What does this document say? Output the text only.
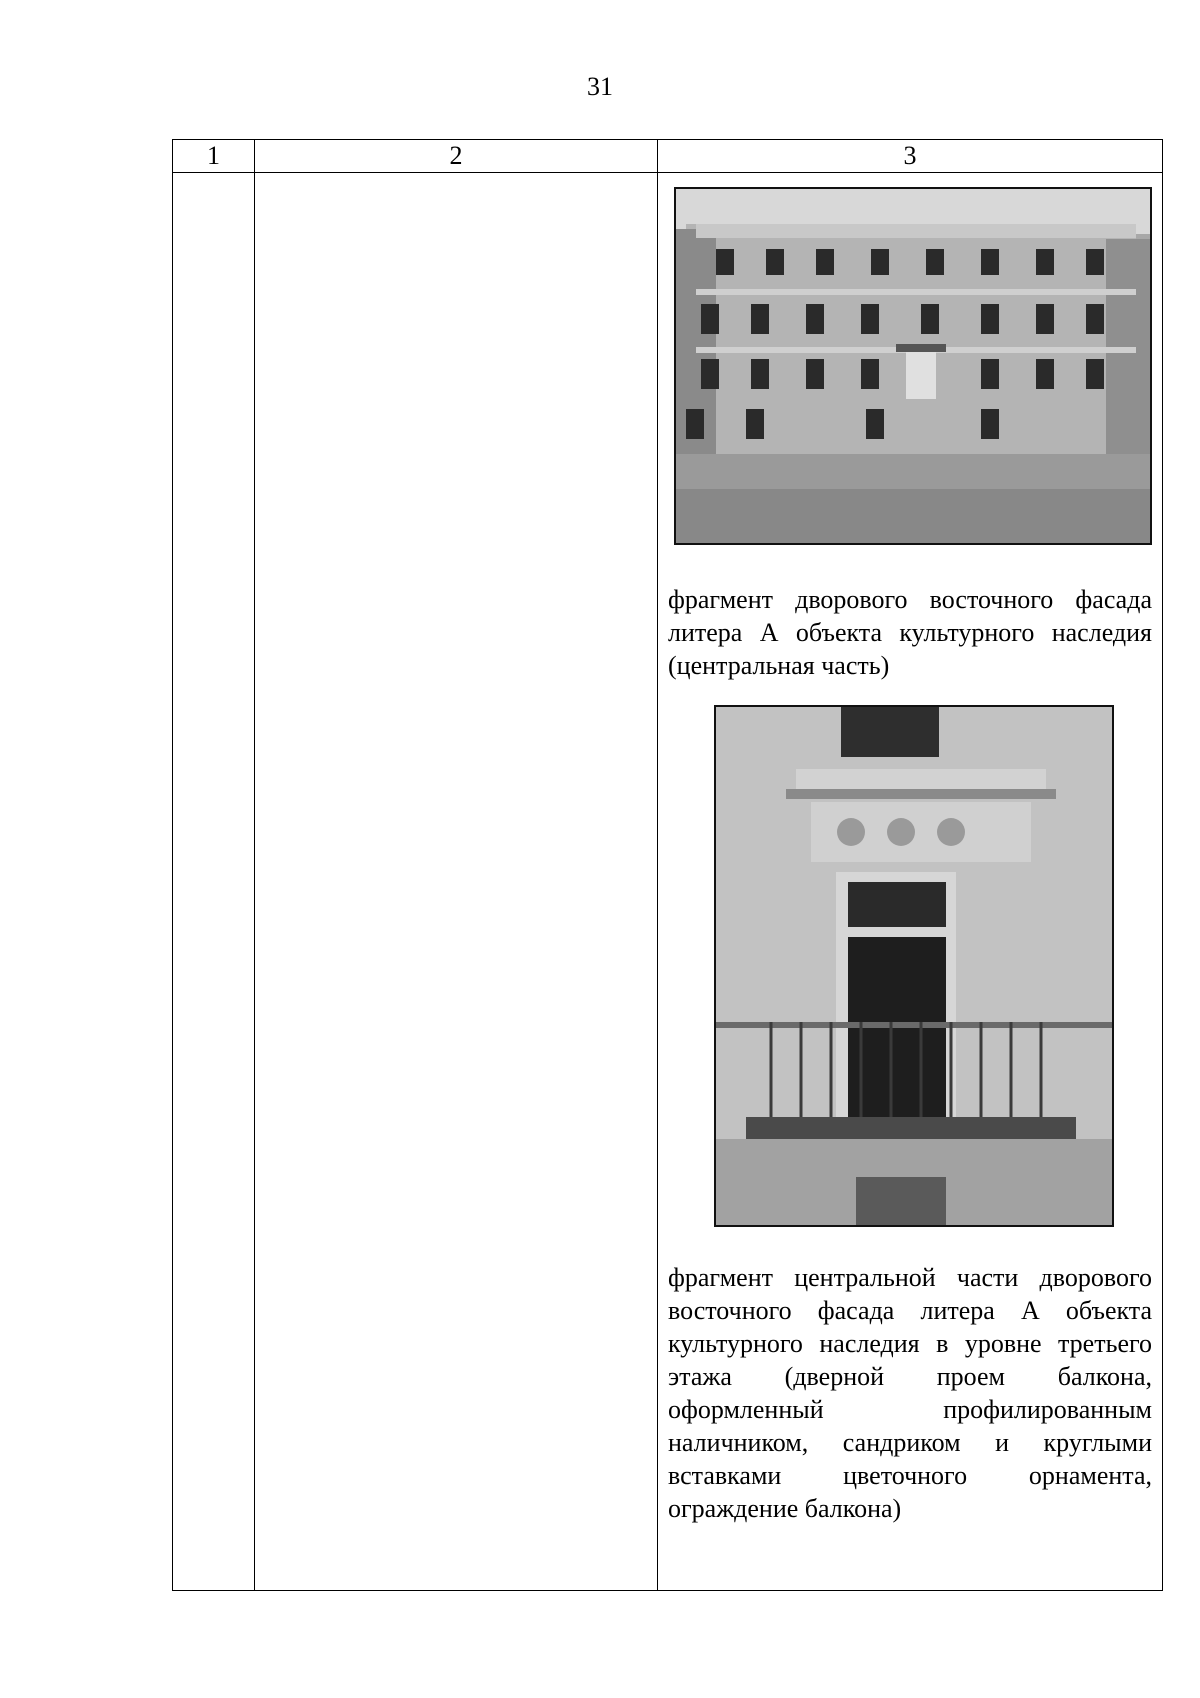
31
1	2	3

		фрагмент дворового восточного фасада литера А объекта культурного наследия (центральная часть)
фрагмент центральной части дворового восточного фасада литера А объекта культурного наследия в уровне третьего этажа (дверной проем балкона, оформленный профилированным наличником, сандриком и круглыми вставками цветочного орнамента, ограждение балкона)
